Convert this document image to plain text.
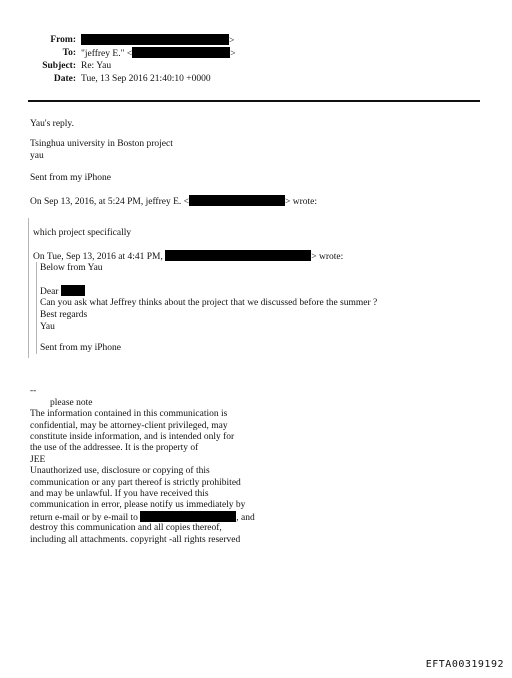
From:	>
To: "jeffrey E." <	>
Subject: Re: Yau
Date: Tue, 13 Sep 2016 21:40:10 +0000
Yau's reply.
Tsinghua university in Boston project
yau
Sent from my iPhone
On Sep 13, 2016, at 5:24 PM, jeffrey E. <	> wrote:
which project specifically
On Tue, Sep 13, 2016 at 4:41 PM,	> wrote:
Below from Yau
Dear
Can you ask what Jeffrey thinks about the project that we discussed before the summer ?
Best regards
Yau
Sent from my iPhone
--
please note
The information contained in this communication is
confidential, may be attorney-client privileged, may
constitute inside information, and is intended only for
the use of the addressee. It is the property of
JEE
Unauthorized use, disclosure or copying of this
communication or any part thereof is strictly prohibited
and may be unlawful. If you have received this
communication in error, please notify us immediately by
return e-mail or by e-mail to	, and
destroy this communication and all copies thereof,
including all attachments. copyright -all rights reserved
EFTA00319192
